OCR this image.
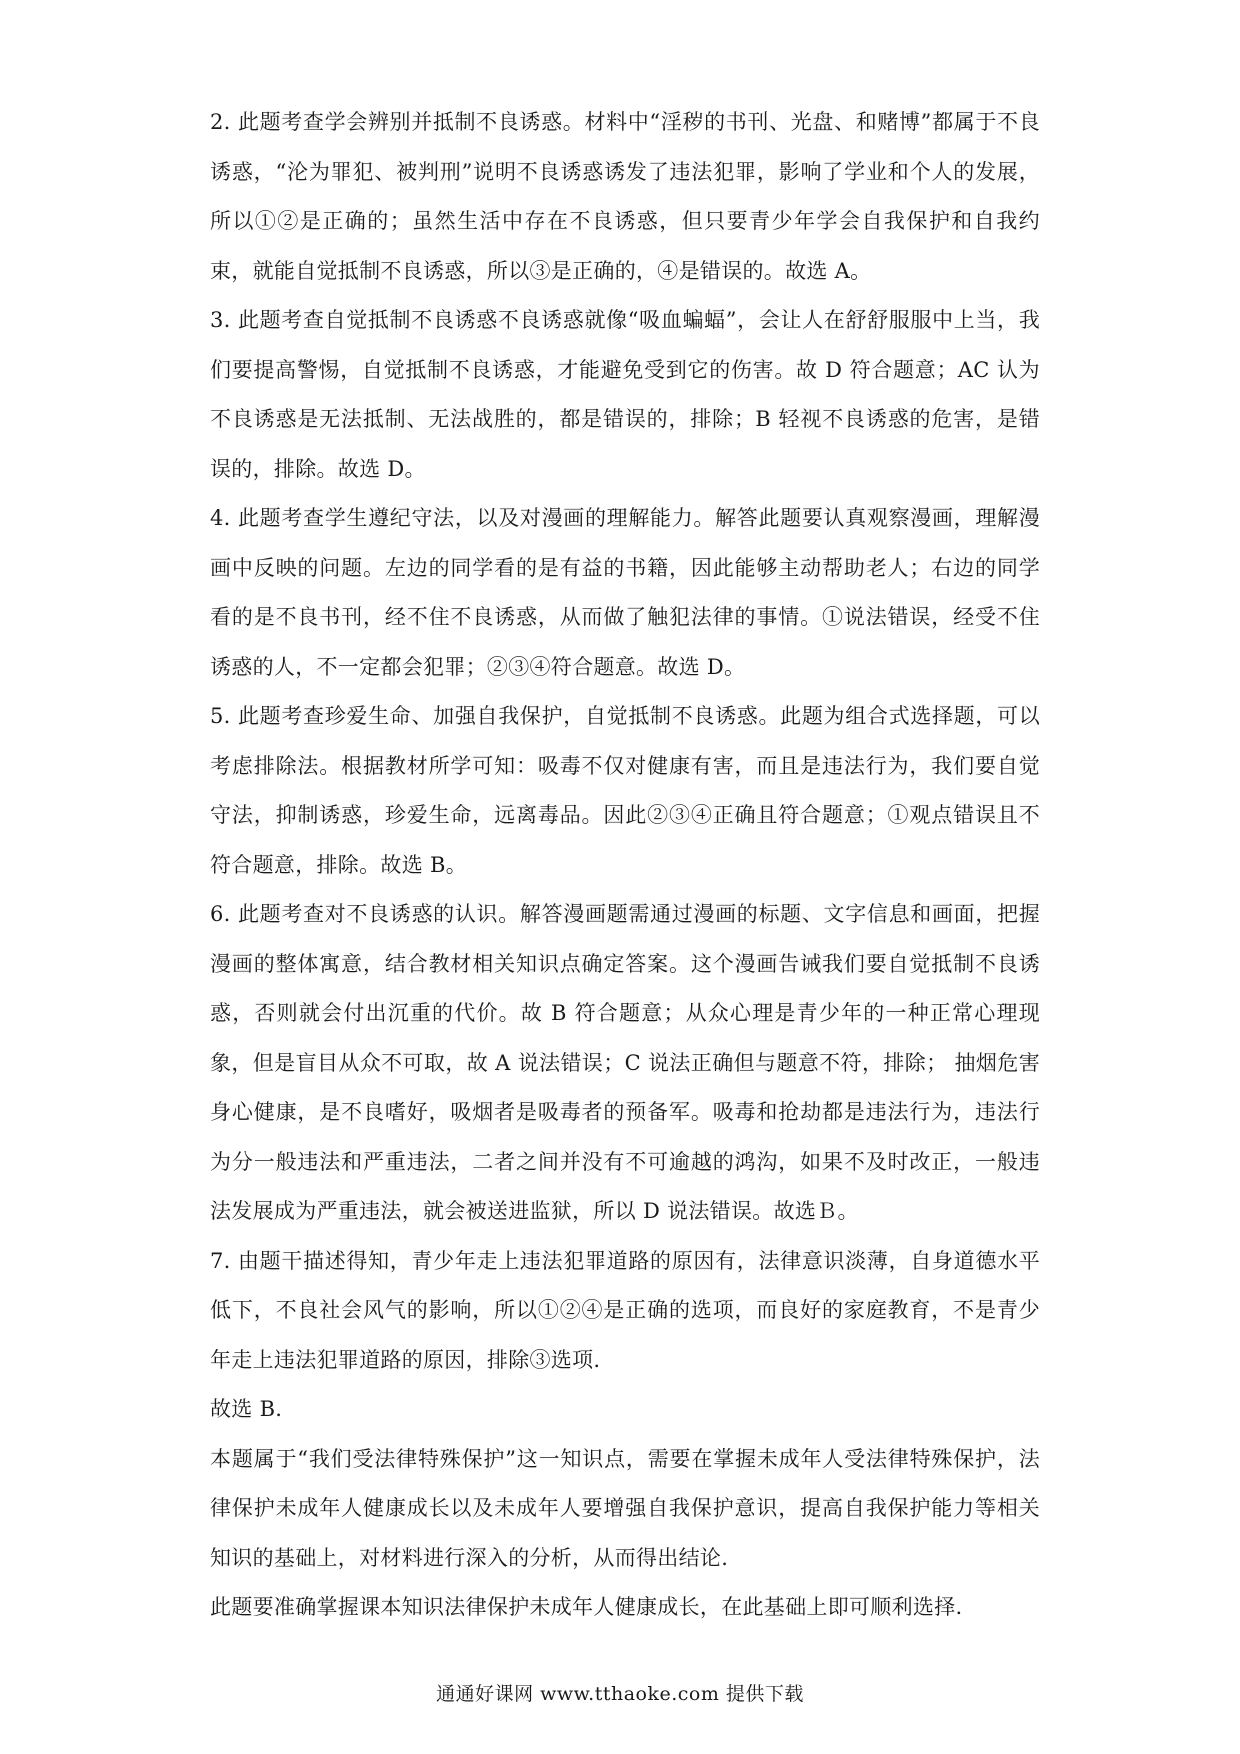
2. 此题考查学会辨别并抵制不良诱惑。材料中“淫秽的书刊、光盘、和赌博”都属于不良诱惑，“沦为罪犯、被判刑”说明不良诱惑诱发了违法犯罪，影响了学业和个人的发展，所以①②是正确的；虽然生活中存在不良诱惑，但只要青少年学会自我保护和自我约束，就能自觉抵制不良诱惑，所以③是正确的，④是错误的。故选 A。

3. 此题考查自觉抵制不良诱惑不良诱惑就像“吸血蝙蝠”，会让人在舒舒服服中上当，我们要提高警惕，自觉抵制不良诱惑，才能避免受到它的伤害。故 D 符合题意；AC 认为不良诱惑是无法抵制、无法战胜的，都是错误的，排除；B 轻视不良诱惑的危害，是错误的，排除。故选 D。

4. 此题考查学生遵纪守法，以及对漫画的理解能力。解答此题要认真观察漫画，理解漫画中反映的问题。左边的同学看的是有益的书籍，因此能够主动帮助老人；右边的同学看的是不良书刊，经不住不良诱惑，从而做了触犯法律的事情。①说法错误，经受不住诱惑的人，不一定都会犯罪；②③④符合题意。故选 D。

5. 此题考查珍爱生命、加强自我保护，自觉抵制不良诱惑。此题为组合式选择题，可以考虑排除法。根据教材所学可知：吸毒不仅对健康有害，而且是违法行为，我们要自觉守法，抑制诱惑，珍爱生命，远离毒品。因此②③④正确且符合题意；①观点错误且不符合题意，排除。故选 B。

6. 此题考查对不良诱惑的认识。解答漫画题需通过漫画的标题、文字信息和画面，把握漫画的整体寓意，结合教材相关知识点确定答案。这个漫画告诫我们要自觉抵制不良诱惑，否则就会付出沉重的代价。故 B 符合题意；从众心理是青少年的一种正常心理现象，但是盲目从众不可取，故 A 说法错误；C 说法正确但与题意不符，排除； 抽烟危害身心健康，是不良嗜好，吸烟者是吸毒者的预备军。吸毒和抢劫都是违法行为，违法行为分一般违法和严重违法，二者之间并没有不可逾越的鸿沟，如果不及时改正，一般违法发展成为严重违法，就会被送进监狱，所以 D 说法错误。故选Ｂ。

7. 由题干描述得知，青少年走上违法犯罪道路的原因有，法律意识淡薄，自身道德水平低下，不良社会风气的影响，所以①②④是正确的选项，而良好的家庭教育，不是青少年走上违法犯罪道路的原因，排除③选项.

故选 B.

本题属于“我们受法律特殊保护”这一知识点，需要在掌握未成年人受法律特殊保护，法律保护未成年人健康成长以及未成年人要增强自我保护意识，提高自我保护能力等相关知识的基础上，对材料进行深入的分析，从而得出结论.

此题要准确掌握课本知识法律保护未成年人健康成长，在此基础上即可顺利选择.

通通好课网 www.tthaoke.com 提供下载
